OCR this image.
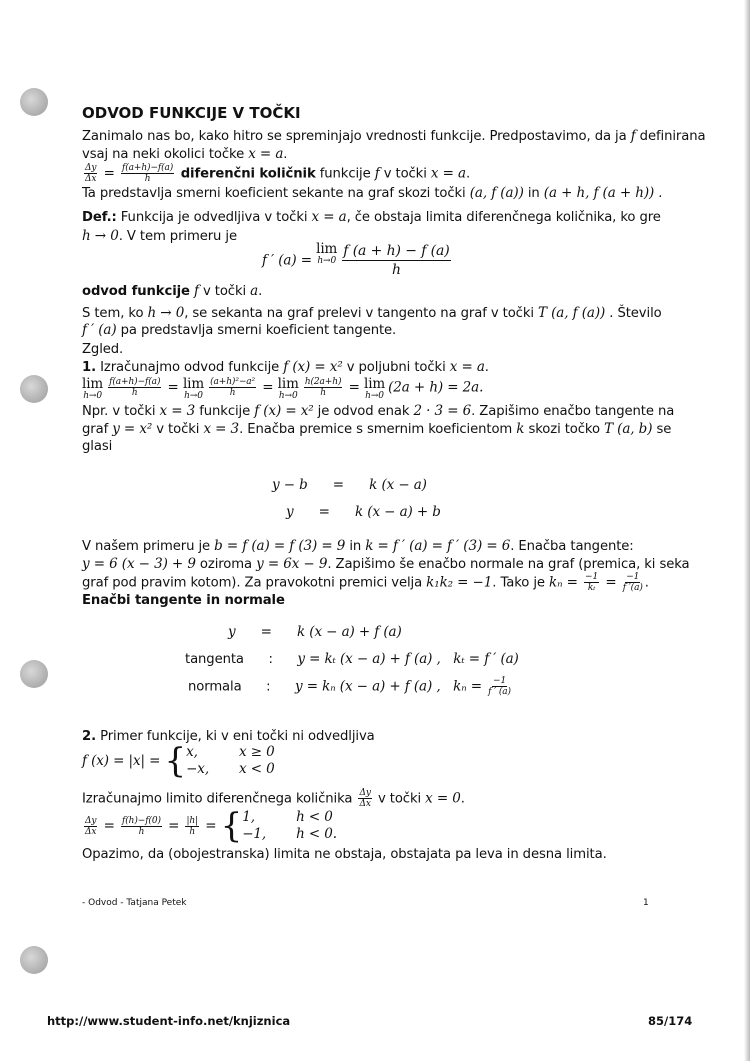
ODVOD FUNKCIJE V TOČKI
Zanimalo nas bo, kako hitro se spreminjajo vrednosti funkcije. Predpostavimo, da ja f definirana
vsaj na neki okolici točke x = a.
$\frac{\Delta y}{\Delta x} = \frac{f(a+h)-f(a)}{h}$ diferenčni količnik funkcije f v točki x = a.
Ta predstavlja smerni koeficient sekante na graf skozi točki (a, f (a)) in (a + h, f (a + h)) .
Def.: Funkcija je odvedljiva v točki x = a, če obstaja limita diferenčnega količnika, ko gre
h → 0. V tem primeru je
f ′ (a) =
lim
$h\to 0 \frac{f (a + h) - f (a)}{h}$
odvod funkcije f v točki a.
S tem, ko h → 0, se sekanta na graf prelevi v tangento na graf v točki T (a, f (a)) . Število
f ′ (a) pa predstavlja smerni koeficient tangente.
Zgled.
1. Izračunajmo odvod funkcije f (x) = x² v poljubni točki x = a.
lim
$h\to 0 \frac{f(a+h)-f(a)}{h} = \lim$
$h\to 0 \frac{\text{(a+h)²−a²}}{h} = \lim$
$h\to 0 \frac{h(2a+h)}{h} = \lim$
h→0
(2a + h) = 2a.
Npr. v točki x = 3 funkcije f (x) = x² je odvod enak 2 · 3 = 6. Zapišimo enačbo tangente na
graf y = x² v točki x = 3. Enačba premice s smernim koeficientom k skozi točko T (a, b) se
glasi
y − b      =      k (x − a)
y      =      k (x − a) + b
V našem primeru je b = f (a) = f (3) = 9 in k = f ′ (a) = f ′ (3) = 6. Enačba tangente:
y = 6 (x − 3) + 9 oziroma y = 6x − 9. Zapišimo še enačbo normale na graf (premica, ki seka
graf pod pravim kotom). Za pravokotni premici velja k₁k₂ = −1. Tako je $k_n = \frac{-1}{\text{kₜ}} = \frac{-1}{f '(a)}$ .
Enačbi tangente in normale
y      =      k (x − a) + f (a)
tangenta      :      y = kₜ (x − a) + f (a) ,   kₜ = f ′ (a)
normala      :      y = kₙ (x − a) + f (a) ,   $k_n = \frac{-1}{f ' (a)}$
2. Primer funkcije, ki v eni točki ni odvedljiva
f (x) = |x| = { x,	x ≥ 0
−x, x < 0
Izračunajmo limito diferenčnega količnika $\frac{\Delta y}{\Delta x}$ v točki x = 0.
$\frac{\Delta y}{\Delta x} = \frac{f(h)-f(0)}{h} = \frac{|h|}{h}$ = { 1,	h < 0
−1, h < 0.
Opazimo, da (obojestranska) limita ne obstaja, obstajata pa leva in desna limita.
- Odvod - Tatjana Petek	1
http://www.student-info.net/knjiznica	85/174
